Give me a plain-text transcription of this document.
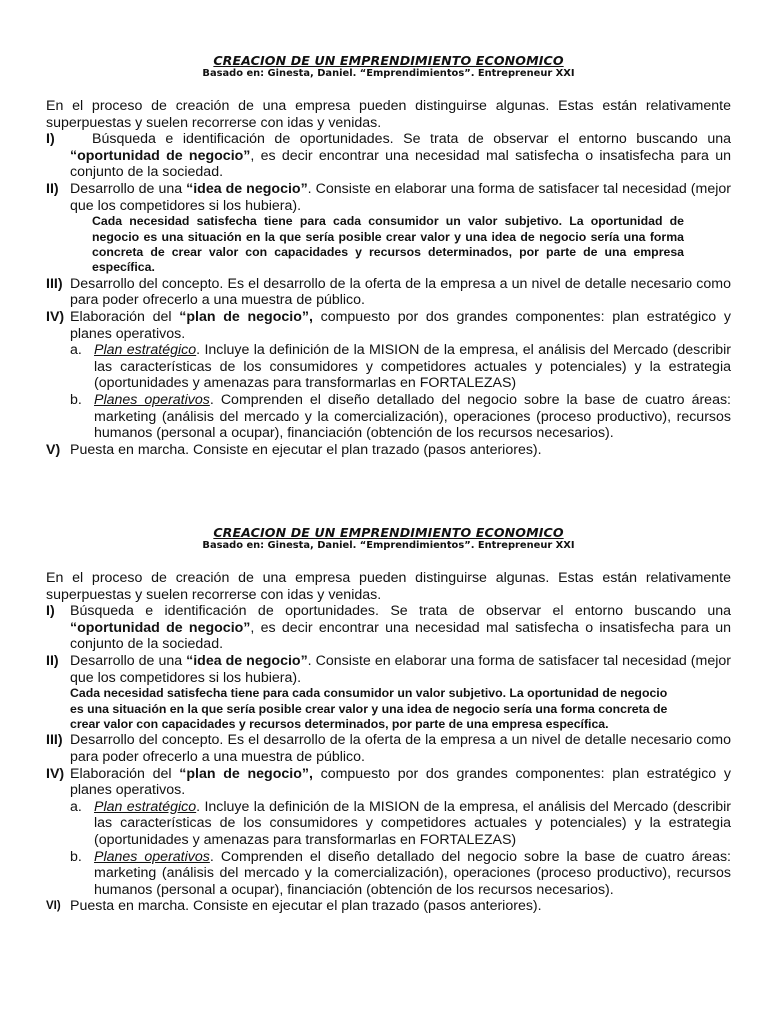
CREACION DE UN EMPRENDIMIENTO ECONOMICO
Basado en: Ginesta, Daniel. “Emprendimientos”. Entrepreneur XXI
En el proceso de creación de una empresa pueden distinguirse algunas. Estas están relativamente superpuestas y suelen recorrerse con idas y venidas.
I)	Búsqueda e identificación de oportunidades. Se trata de observar el entorno buscando una “oportunidad de negocio”, es decir encontrar una necesidad mal satisfecha o insatisfecha para un conjunto de la sociedad.
II) Desarrollo de una “idea de negocio”. Consiste en elaborar una forma de satisfacer tal necesidad (mejor que los competidores si los hubiera).
Cada necesidad satisfecha tiene para cada consumidor un valor subjetivo. La oportunidad de negocio es una situación en la que sería posible crear valor y una idea de negocio sería una forma concreta de crear valor con capacidades y recursos determinados, por parte de una empresa específica.
III) Desarrollo del concepto. Es el desarrollo de la oferta de la empresa a un nivel de detalle necesario como para poder ofrecerlo a una muestra de público.
IV) Elaboración del “plan de negocio”, compuesto por dos grandes componentes: plan estratégico y planes operativos.
a. Plan estratégico. Incluye la definición de la MISION de la empresa, el análisis del Mercado (describir las características de los consumidores y competidores actuales y potenciales) y la estrategia (oportunidades y amenazas para transformarlas en FORTALEZAS)
b. Planes operativos. Comprenden el diseño detallado del negocio sobre la base de cuatro áreas: marketing (análisis del mercado y la comercialización), operaciones (proceso productivo), recursos humanos (personal a ocupar), financiación (obtención de los recursos necesarios).
V) Puesta en marcha. Consiste en ejecutar el plan trazado (pasos anteriores).
CREACION DE UN EMPRENDIMIENTO ECONOMICO
Basado en: Ginesta, Daniel. “Emprendimientos”. Entrepreneur XXI
En el proceso de creación de una empresa pueden distinguirse algunas. Estas están relativamente superpuestas y suelen recorrerse con idas y venidas.
I)	Búsqueda e identificación de oportunidades. Se trata de observar el entorno buscando una “oportunidad de negocio”, es decir encontrar una necesidad mal satisfecha o insatisfecha para un conjunto de la sociedad.
II) Desarrollo de una “idea de negocio”. Consiste en elaborar una forma de satisfacer tal necesidad (mejor que los competidores si los hubiera).
Cada necesidad satisfecha tiene para cada consumidor un valor subjetivo. La oportunidad de negocio es una situación en la que sería posible crear valor y una idea de negocio sería una forma concreta de crear valor con capacidades y recursos determinados, por parte de una empresa específica.
III) Desarrollo del concepto. Es el desarrollo de la oferta de la empresa a un nivel de detalle necesario como para poder ofrecerlo a una muestra de público.
IV) Elaboración del “plan de negocio”, compuesto por dos grandes componentes: plan estratégico y planes operativos.
a. Plan estratégico. Incluye la definición de la MISION de la empresa, el análisis del Mercado (describir las características de los consumidores y competidores actuales y potenciales) y la estrategia (oportunidades y amenazas para transformarlas en FORTALEZAS)
b. Planes operativos. Comprenden el diseño detallado del negocio sobre la base de cuatro áreas: marketing (análisis del mercado y la comercialización), operaciones (proceso productivo), recursos humanos (personal a ocupar), financiación (obtención de los recursos necesarios).
VI) Puesta en marcha. Consiste en ejecutar el plan trazado (pasos anteriores).
